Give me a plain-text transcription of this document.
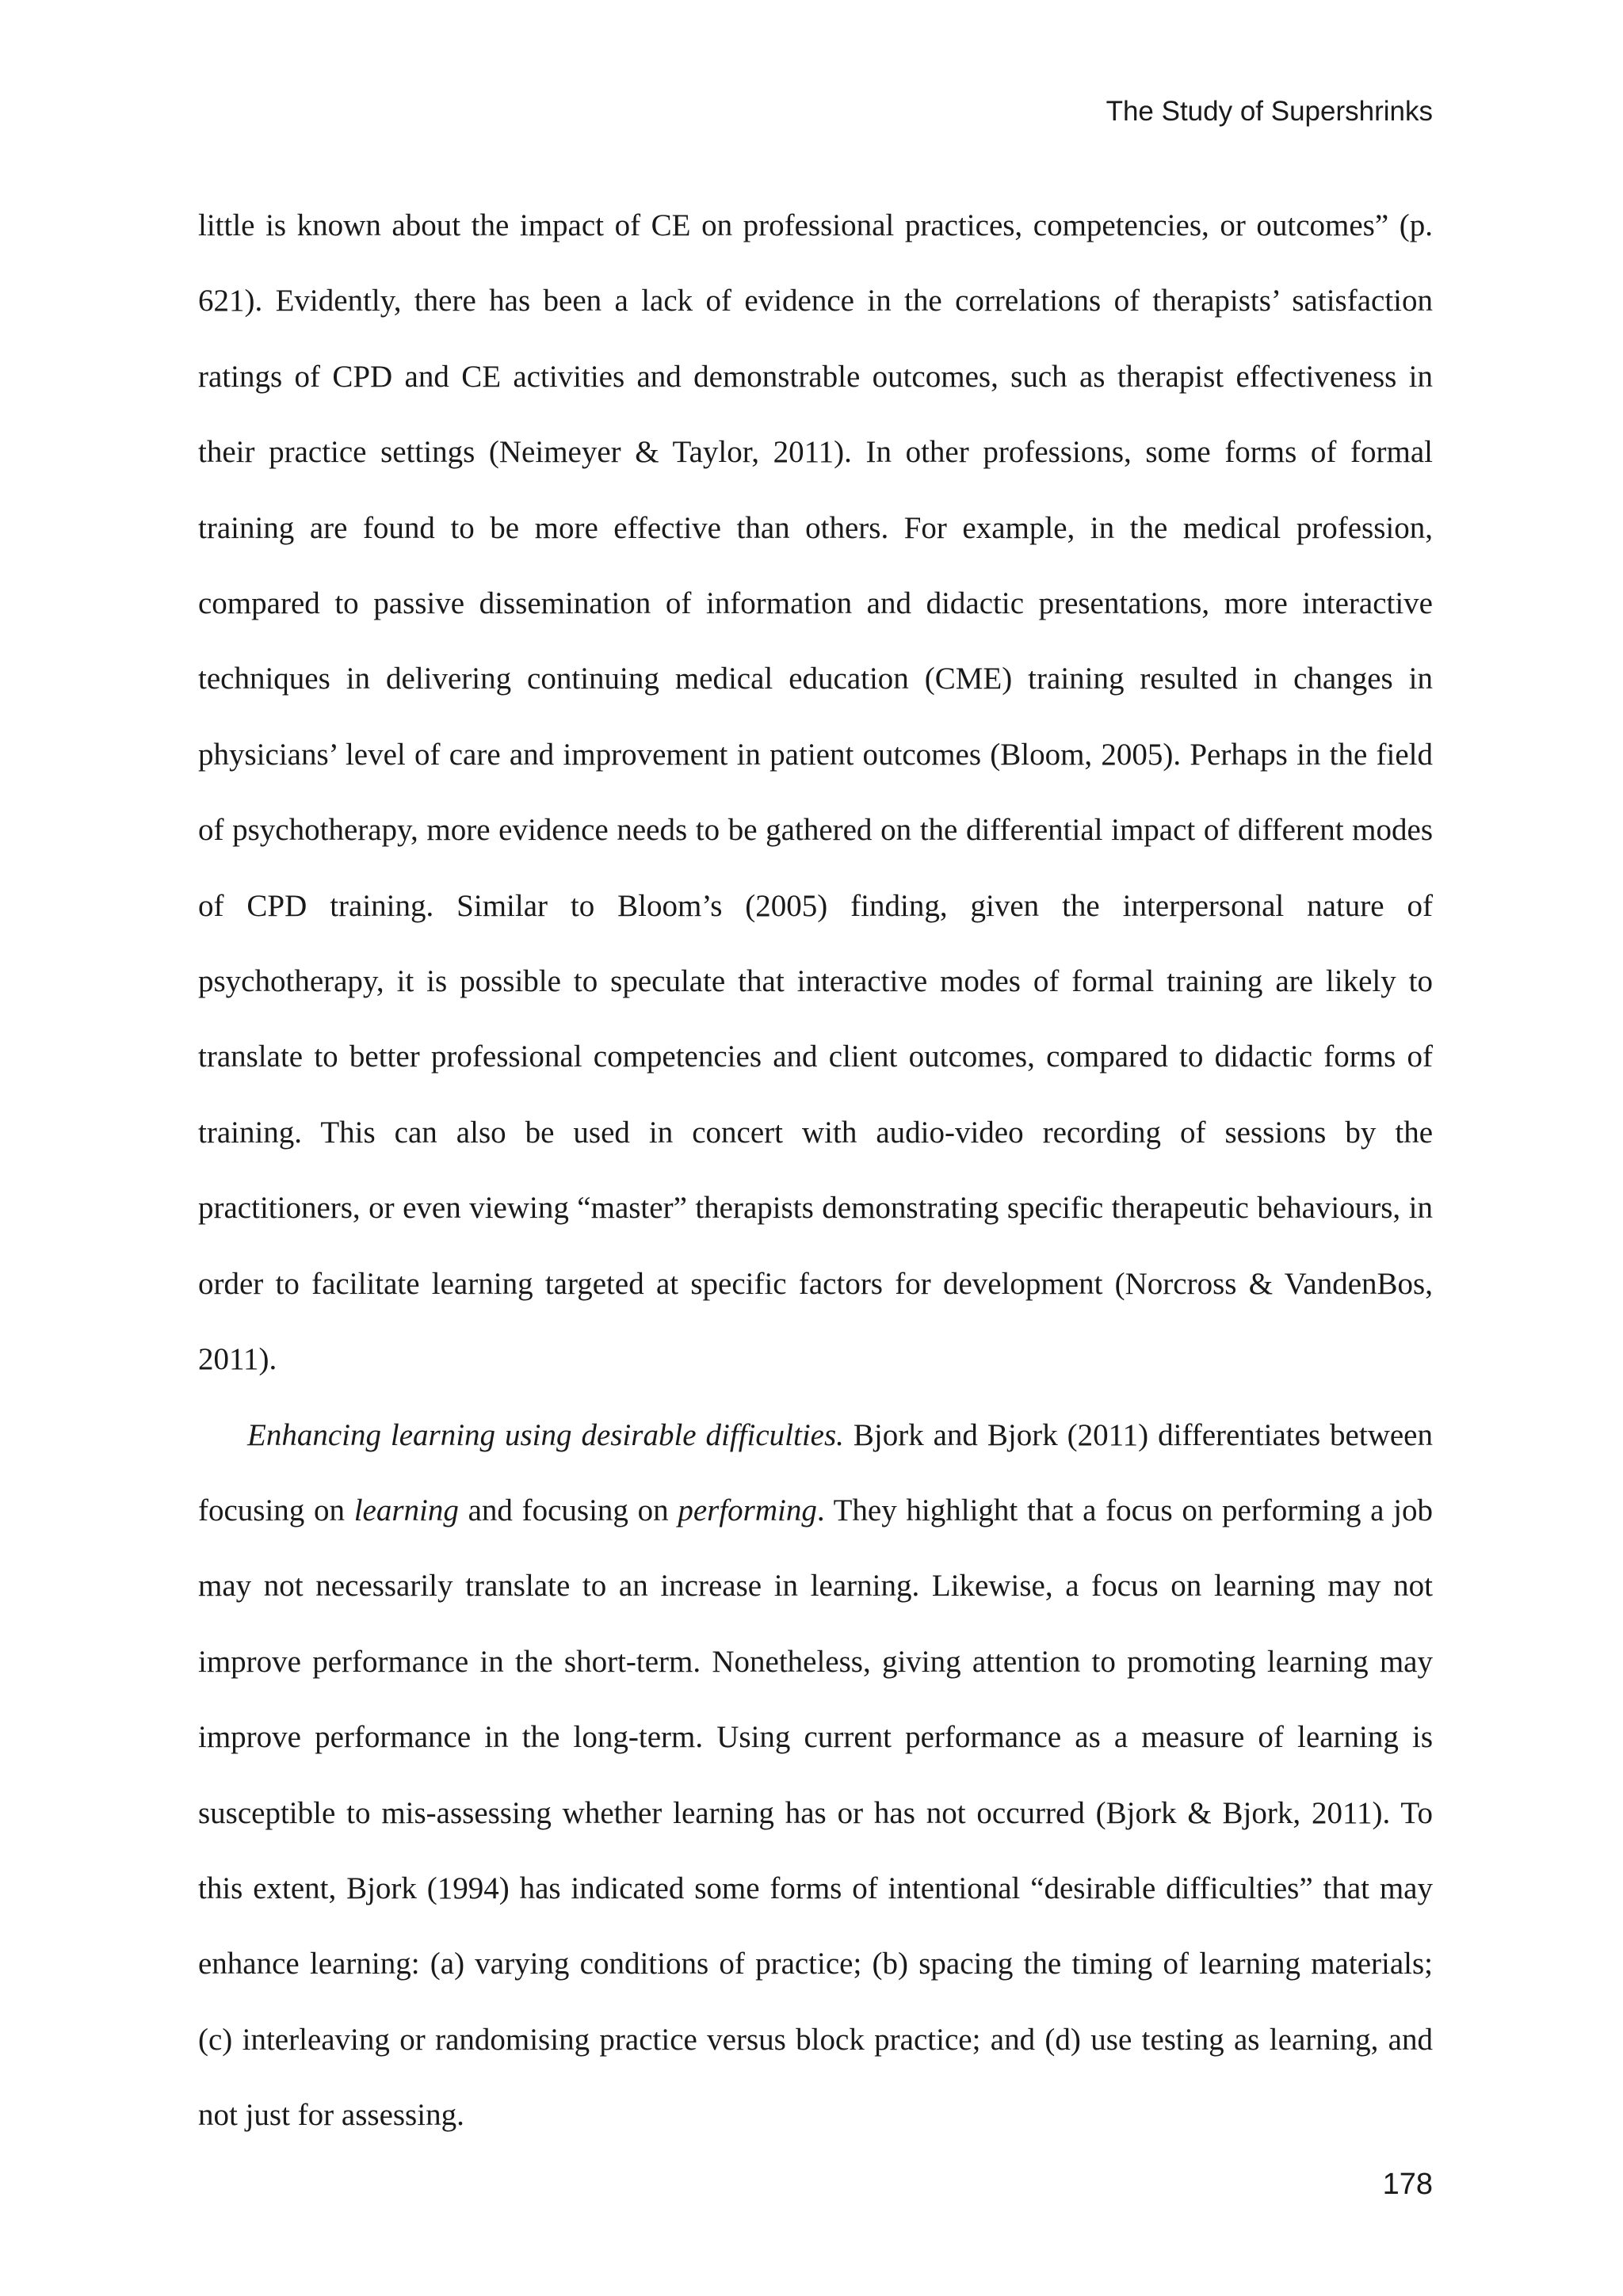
The Study of Supershrinks

little is known about the impact of CE on professional practices, competencies, or outcomes” (p. 621). Evidently, there has been a lack of evidence in the correlations of therapists’ satisfaction ratings of CPD and CE activities and demonstrable outcomes, such as therapist effectiveness in their practice settings (Neimeyer & Taylor, 2011). In other professions, some forms of formal training are found to be more effective than others. For example, in the medical profession, compared to passive dissemination of information and didactic presentations, more interactive techniques in delivering continuing medical education (CME) training resulted in changes in physicians’ level of care and improvement in patient outcomes (Bloom, 2005). Perhaps in the field of psychotherapy, more evidence needs to be gathered on the differential impact of different modes of CPD training. Similar to Bloom’s (2005) finding, given the interpersonal nature of psychotherapy, it is possible to speculate that interactive modes of formal training are likely to translate to better professional competencies and client outcomes, compared to didactic forms of training. This can also be used in concert with audio-video recording of sessions by the practitioners, or even viewing “master” therapists demonstrating specific therapeutic behaviours, in order to facilitate learning targeted at specific factors for development (Norcross & VandenBos, 2011).

Enhancing learning using desirable difficulties. Bjork and Bjork (2011) differentiates between focusing on learning and focusing on performing. They highlight that a focus on performing a job may not necessarily translate to an increase in learning. Likewise, a focus on learning may not improve performance in the short-term. Nonetheless, giving attention to promoting learning may improve performance in the long-term. Using current performance as a measure of learning is susceptible to mis-assessing whether learning has or has not occurred (Bjork & Bjork, 2011). To this extent, Bjork (1994) has indicated some forms of intentional “desirable difficulties” that may enhance learning: (a) varying conditions of practice; (b) spacing the timing of learning materials; (c) interleaving or randomising practice versus block practice; and (d) use testing as learning, and not just for assessing.

178
